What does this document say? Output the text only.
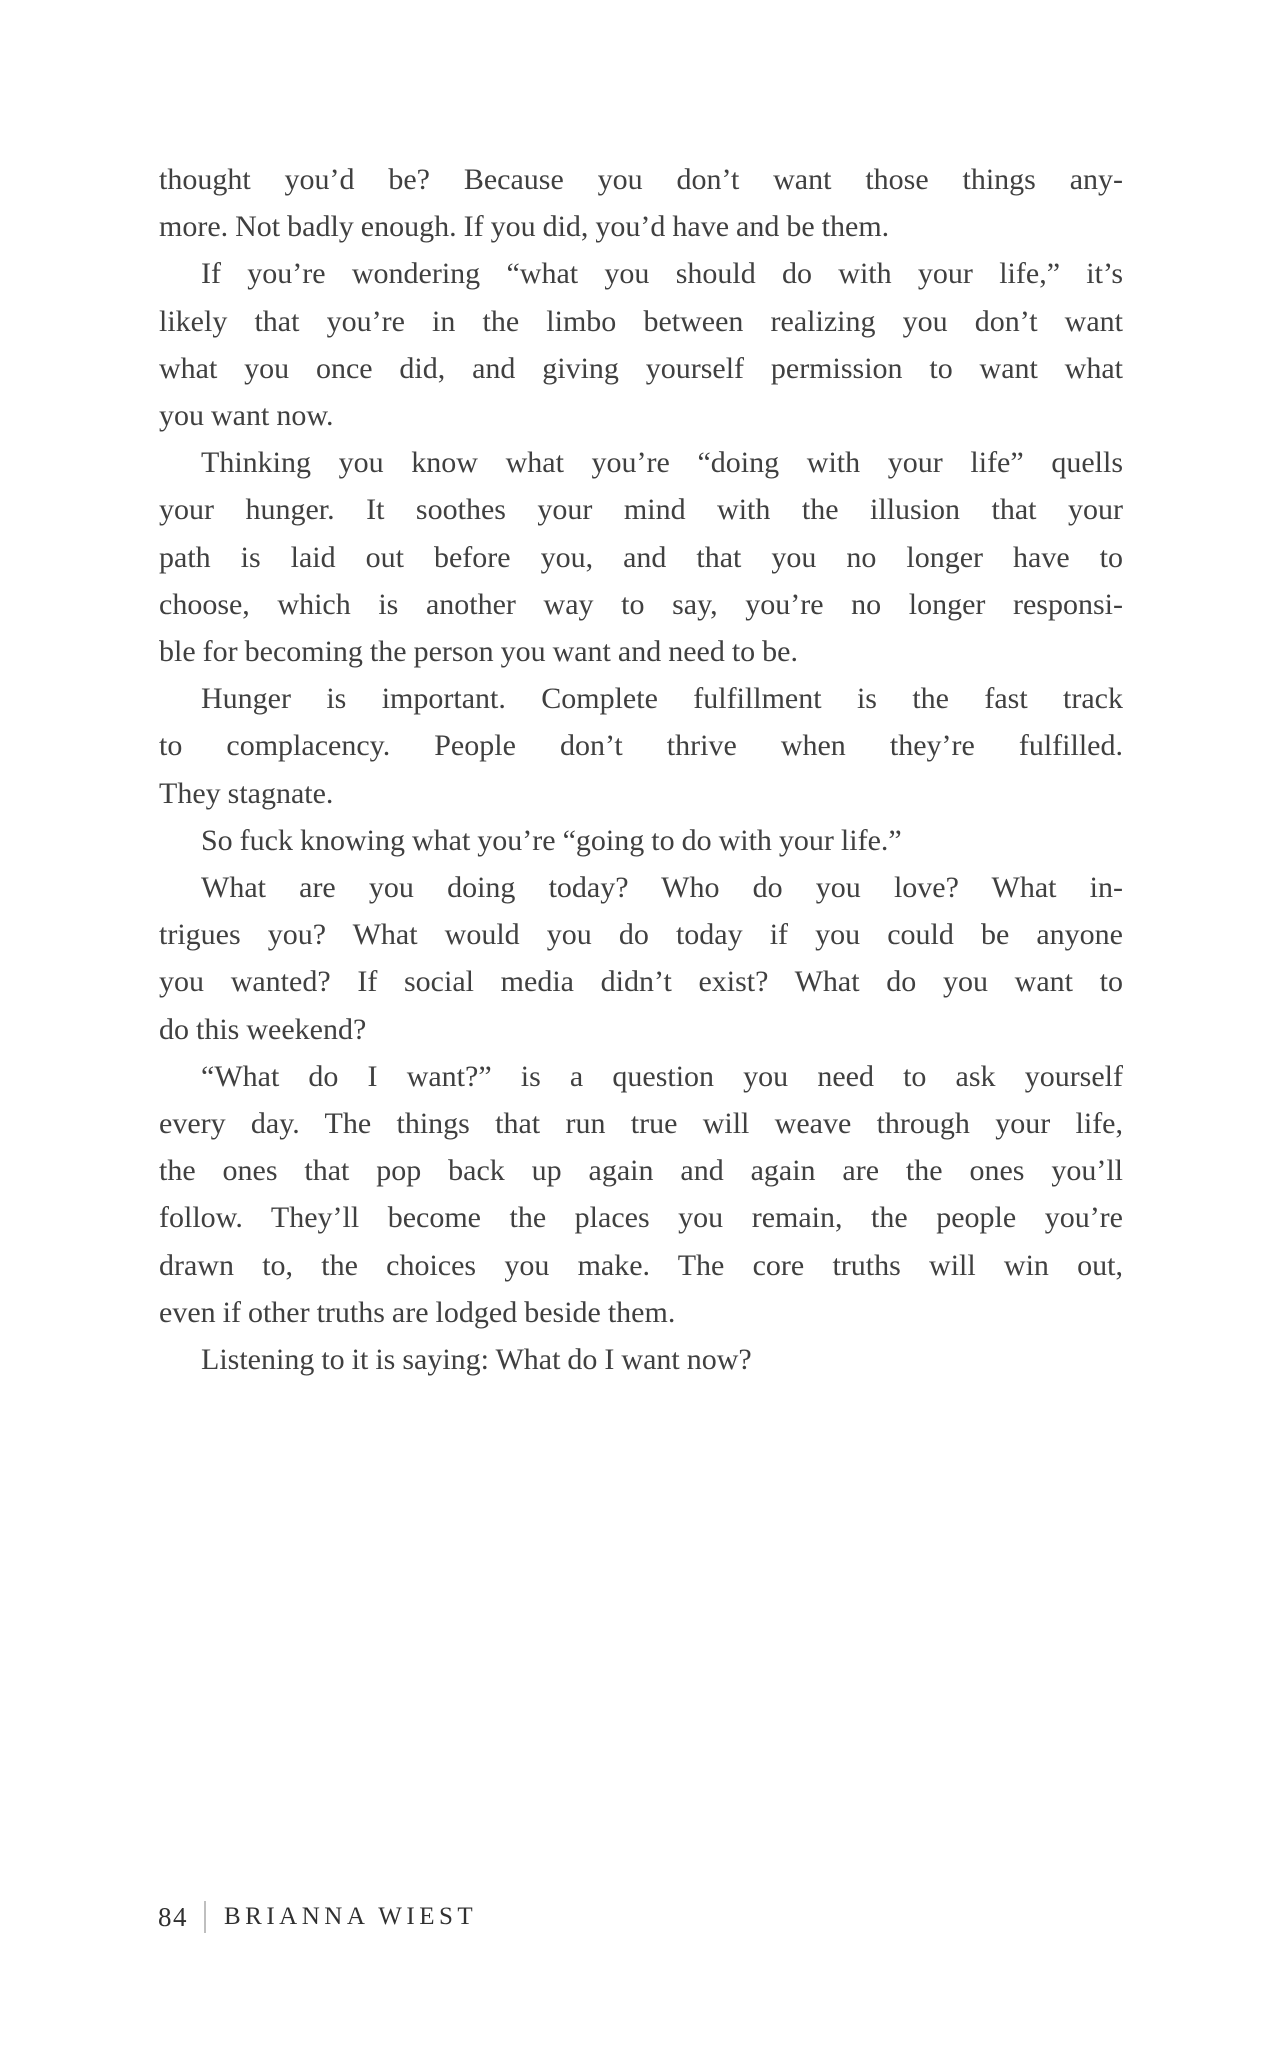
thought you’d be? Because you don’t want those things any-
more. Not badly enough. If you did, you’d have and be them.

If you’re wondering “what you should do with your life,” it’s
likely that you’re in the limbo between realizing you don’t want
what you once did, and giving yourself permission to want what
you want now.

Thinking you know what you’re “doing with your life” quells
your hunger. It soothes your mind with the illusion that your
path is laid out before you, and that you no longer have to
choose, which is another way to say, you’re no longer responsi-
ble for becoming the person you want and need to be.

Hunger is important. Complete fulfillment is the fast track
to complacency. People don’t thrive when they’re fulfilled.
They stagnate.

So fuck knowing what you’re “going to do with your life.”

What are you doing today? Who do you love? What in-
trigues you? What would you do today if you could be anyone
you wanted? If social media didn’t exist? What do you want to
do this weekend?

“What do I want?” is a question you need to ask yourself
every day. The things that run true will weave through your life,
the ones that pop back up again and again are the ones you’ll
follow. They’ll become the places you remain, the people you’re
drawn to, the choices you make. The core truths will win out,
even if other truths are lodged beside them.

Listening to it is saying: What do I want now?

84 BRIANNA WIEST
